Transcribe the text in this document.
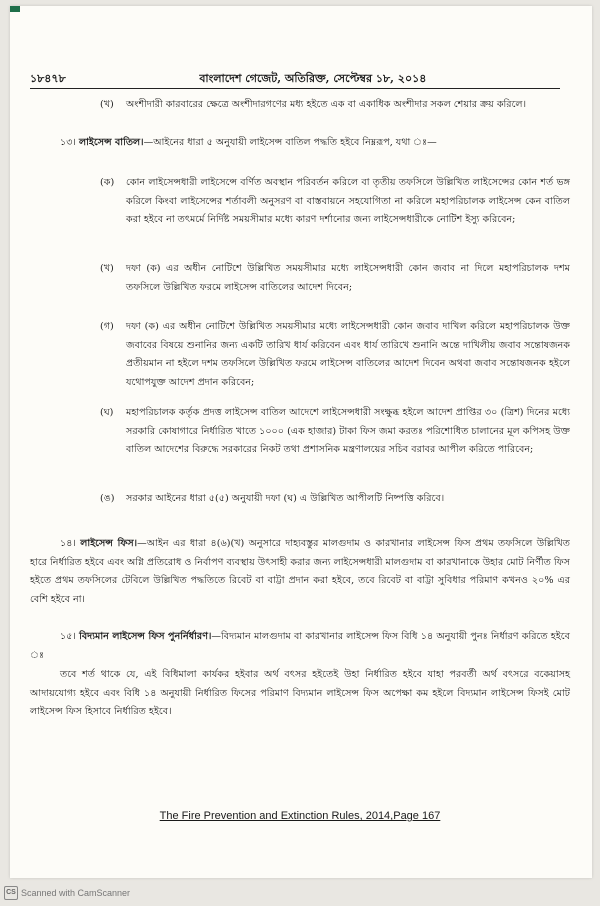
১৮৪৭৮	বাংলাদেশ গেজেট, অতিরিক্ত, সেপ্টেম্বর ১৮, ২০১৪
(খ)	অংশীদারী কারবারের ক্ষেত্রে অংশীদারগণের মধ্য হইতে এক বা একাধিক অংশীদার সকল শেয়ার ক্রয় করিলে।

১৩। লাইসেন্স বাতিল।—আইনের ধারা ৫ অনুযায়ী লাইসেন্স বাতিল পদ্ধতি হইবে নিম্নরূপ, যথা ঃ—

(ক)	কোন লাইসেন্সধারী লাইসেন্সে বর্ণিত অবস্থান পরিবর্তন করিলে বা তৃতীয় তফসিলে উল্লিখিত লাইসেন্সের কোন শর্ত ভঙ্গ করিলে কিংবা লাইসেন্সের শর্তাবলী অনুসরণ বা বাস্তবায়নে সহযোগিতা না করিলে মহাপরিচালক লাইসেন্স কেন বাতিল করা হইবে না তৎমর্মে নির্দিষ্ট সময়সীমার মধ্যে কারণ দর্শানোর জন্য লাইসেন্সধারীকে নোটিশ ইস্যু করিবেন;

(খ)	দফা (ক) এর অধীন নোটিশে উল্লিখিত সময়সীমার মধ্যে লাইসেন্সধারী কোন জবাব না দিলে মহাপরিচালক দশম তফসিলে উল্লিখিত ফরমে লাইসেন্স বাতিলের আদেশ দিবেন;

(গ)	দফা (ক) এর অধীন নোটিশে উল্লিখিত সময়সীমার মধ্যে লাইসেন্সধারী কোন জবাব দাখিল করিলে মহাপরিচালক উক্ত জবাবের বিষয়ে শুনানির জন্য একটি তারিখ ধার্য করিবেন এবং ধার্য তারিখে শুনানি অন্তে দাখিলীয় জবাব সন্তোষজনক প্রতীয়মান না হইলে দশম তফসিলে উল্লিখিত ফরমে লাইসেন্স বাতিলের আদেশ দিবেন অথবা জবাব সন্তোষজনক হইলে যথোপযুক্ত আদেশ প্রদান করিবেন;

(ঘ)	মহাপরিচালক কর্তৃক প্রদত্ত লাইসেন্স বাতিল আদেশে লাইসেন্সধারী সংক্ষুব্ধ হইলে আদেশ প্রাপ্তির ৩০ (ত্রিশ) দিনের মধ্যে সরকারি কোষাগারে নির্ধারিত খাতে ১০০০ (এক হাজার) টাকা ফিস জমা করতঃ পরিশোধিত চালানের মূল কপিসহ উক্ত বাতিল আদেশের বিরুদ্ধে সরকারের নিকট তথা প্রশাসনিক মন্ত্রণালয়ের সচিব বরাবর আপীল করিতে পারিবেন;

(ঙ)	সরকার আইনের ধারা ৫(৫) অনুযায়ী দফা (ঘ) এ উল্লিখিত আপীলটি নিষ্পত্তি করিবে।

১৪। লাইসেন্স ফিস।—আইন এর ধারা ৪(৬)(খ) অনুসারে দাহ্যবস্তুর মালগুদাম ও কারখানার লাইসেন্স ফিস প্রথম তফসিলে উল্লিখিত হারে নির্ধারিত হইবে এবং অগ্নি প্রতিরোধ ও নির্বাপণ ব্যবস্থায় উৎসাহী করার জন্য লাইসেন্সধারী মালগুদাম বা কারখানাকে উহার মোট নির্ণীত ফিস হইতে প্রথম তফসিলের টেবিলে উল্লিখিত পদ্ধতিতে রিবেট বা বাট্টা প্রদান করা হইবে, তবে রিবেট বা বাট্টা সুবিধার পরিমাণ কখনও ২০% এর বেশি হইবে না।

১৫। বিদ্যমান লাইসেন্স ফিস পুনর্নির্ধারণ।—বিদ্যমান মালগুদাম বা কারখানার লাইসেন্স ফিস বিধি ১৪ অনুযায়ী পুনঃ নির্ধারণ করিতে হইবে ঃ

তবে শর্ত থাকে যে, এই বিধিমালা কার্যকর হইবার অর্থ বৎসর হইতেই উহা নির্ধারিত হইবে যাহা পরবর্তী অর্থ বৎসরে বকেয়াসহ আদায়যোগ্য হইবে এবং বিধি ১৪ অনুযায়ী নির্ধারিত ফিসের পরিমাণ বিদ্যমান লাইসেন্স ফিস অপেক্ষা কম হইলে বিদ্যমান লাইসেন্স ফিসই মোট লাইসেন্স ফিস হিসাবে নির্ধারিত হইবে।

The Fire Prevention and Extinction Rules, 2014,Page 167
CS Scanned with CamScanner
